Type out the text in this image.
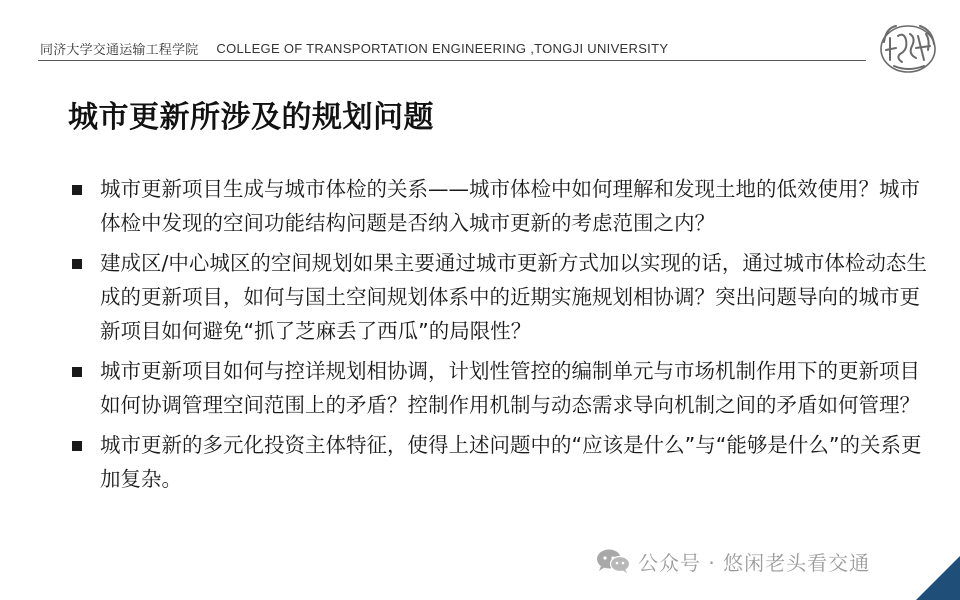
同济大学交通运输工程学院 COLLEGE OF TRANSPORTATION ENGINEERING ,TONGJI UNIVERSITY
城市更新所涉及的规划问题
城市更新项目生成与城市体检的关系——城市体检中如何理解和发现土地的低效使用？城市体检中发现的空间功能结构问题是否纳入城市更新的考虑范围之内？
建成区/中心城区的空间规划如果主要通过城市更新方式加以实现的话，通过城市体检动态生成的更新项目，如何与国土空间规划体系中的近期实施规划相协调？突出问题导向的城市更新项目如何避免“抓了芝麻丢了西瓜”的局限性？
城市更新项目如何与控详规划相协调，计划性管控的编制单元与市场机制作用下的更新项目如何协调管理空间范围上的矛盾？控制作用机制与动态需求导向机制之间的矛盾如何管理？
城市更新的多元化投资主体特征，使得上述问题中的“应该是什么”与“能够是什么”的关系更加复杂。
公众号 · 悠闲老头看交通
